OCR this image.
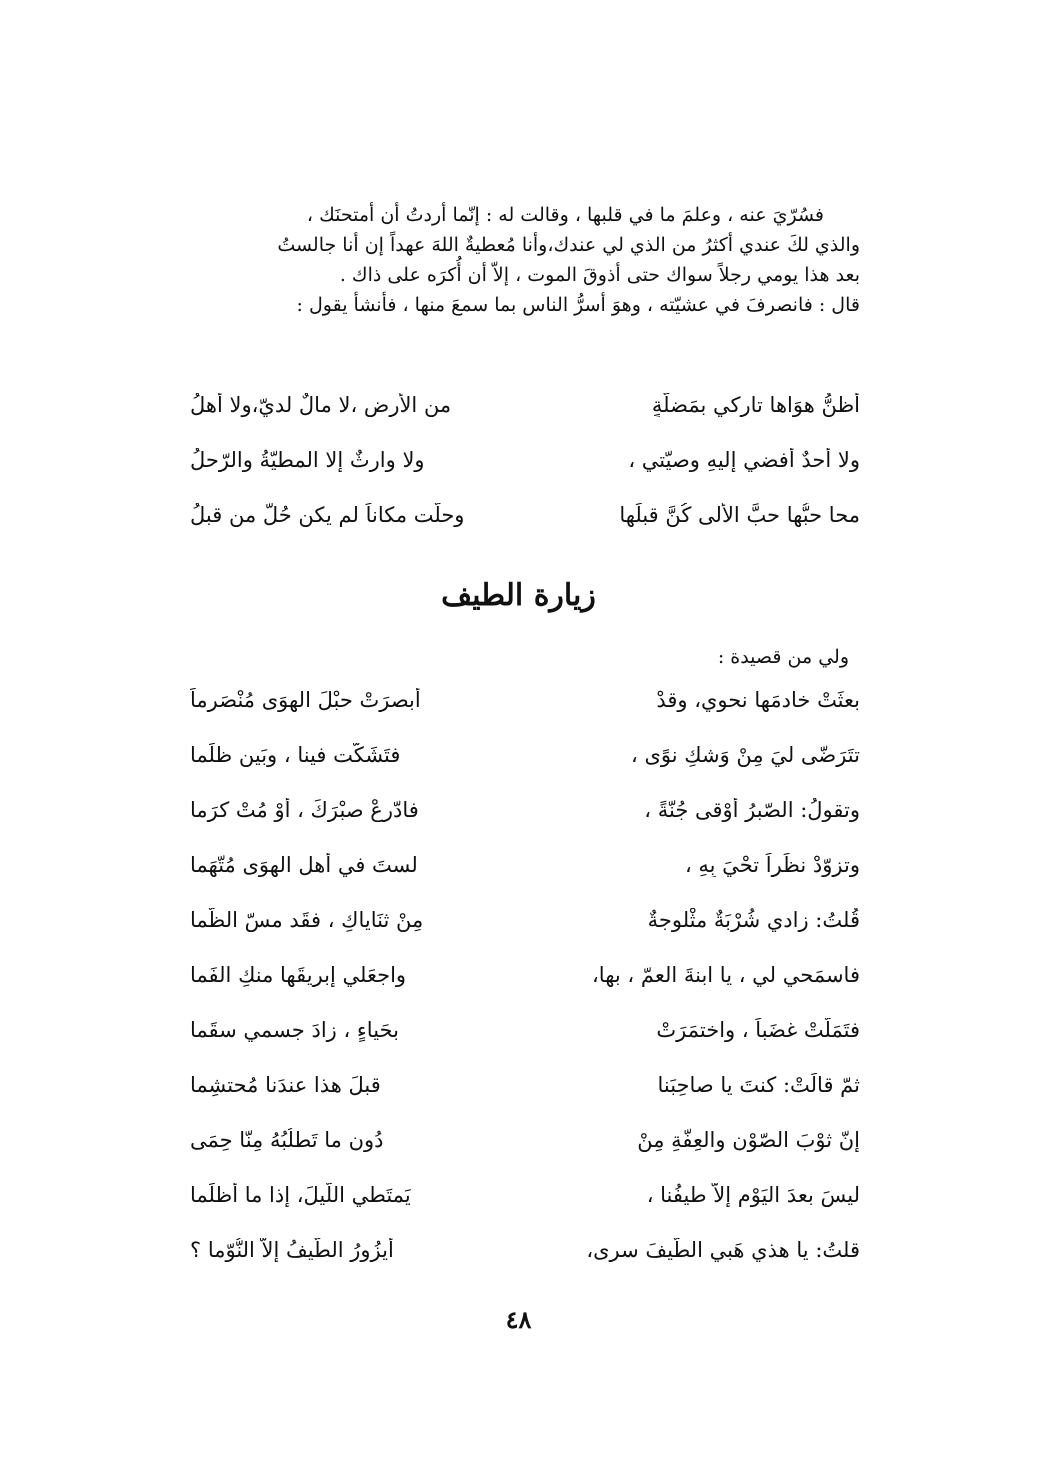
فسُرّيَ عنه ، وعلمَ ما في قلبها ، وقالت له : إنّما أردتُ أن أمتحنَك ،

والذي لكَ عندي أكثرُ من الذي لي عندك،وأنا مُعطيةٌ اللهَ عهداً إن أنا جالستُ

بعد هذا يومي رجلاً سواك حتى أذوقَ الموت ، إلاّ أن أُكرَه على ذاك .

قال : فانصرفَ في عشيّته ، وهوَ أسرُّ الناس بما سمعَ منها ، فأنشأ يقول :

أظنُّ هوَاها تاركي بمَضلّةٍ
من الأرضِ ،لا مالٌ لديّ،ولا أهلُ
ولا أحدٌ أفضي إليهِ وصيّتي ،
ولا وارثٌ إلا المطيّةُ والرّحلُ
محا حبُّها حبَّ الأُلى كُنَّ قبلَها
وحلّت مكاناً لم يكن حُلَّ من قبلُ
زيارة الطيف
ولي من قصيدة :
بعثَتْ خادمَها نحوي، وقدْ
أبصرَتْ حبْلَ الهوَى مُنْصَرِماً
تتَرَضّى ليَ مِنْ وَشكِ نوًى ،
فتَشَكّت فينا ، وبَينٍ ظلَما
وتقولُ: الصّبرُ أوْقى جُنّةً ،
فادّرِعْ صبْرَكَ ، أوْ مُتْ كرَما
وتزوّدْ نظَراً تحْيَ بِهِ ،
لستَ في أهلِ الهوَى مُتّهَما
قُلتُ: زادي شُرْبَةٌ مثْلوجةٌ
مِنْ ثنَاياكِ ، فقَد مسّ الظّما
فاسمَحي لي ، يا ابنةَ العمّ ، بها،
واجعَلي إبريقَها منكِ الفَما
فتَمَلّتْ غضَباً ، واختمَرَتْ
بحَياءٍ ، زادَ جسمي سقَما
ثمّ قالَتْ: كنتَ يا صاحِبَنا
قبلَ هذا عندَنا مُحتشِما
إنّ ثوْبَ الصّوْنِ والعِفّةِ مِنْ
دُونِ ما تَطلُبُهُ مِنّا حِمَى
ليسَ بعدَ اليَوْمِ إلاّ طيفُنا ،
يَمتَطي اللّيلَ، إذا ما أظلَما
قلتُ: يا هذي هَبي الطّيفَ سرى،
أيزُورُ الطّيفُ إلاّ النُّوّما ؟
٤٨
